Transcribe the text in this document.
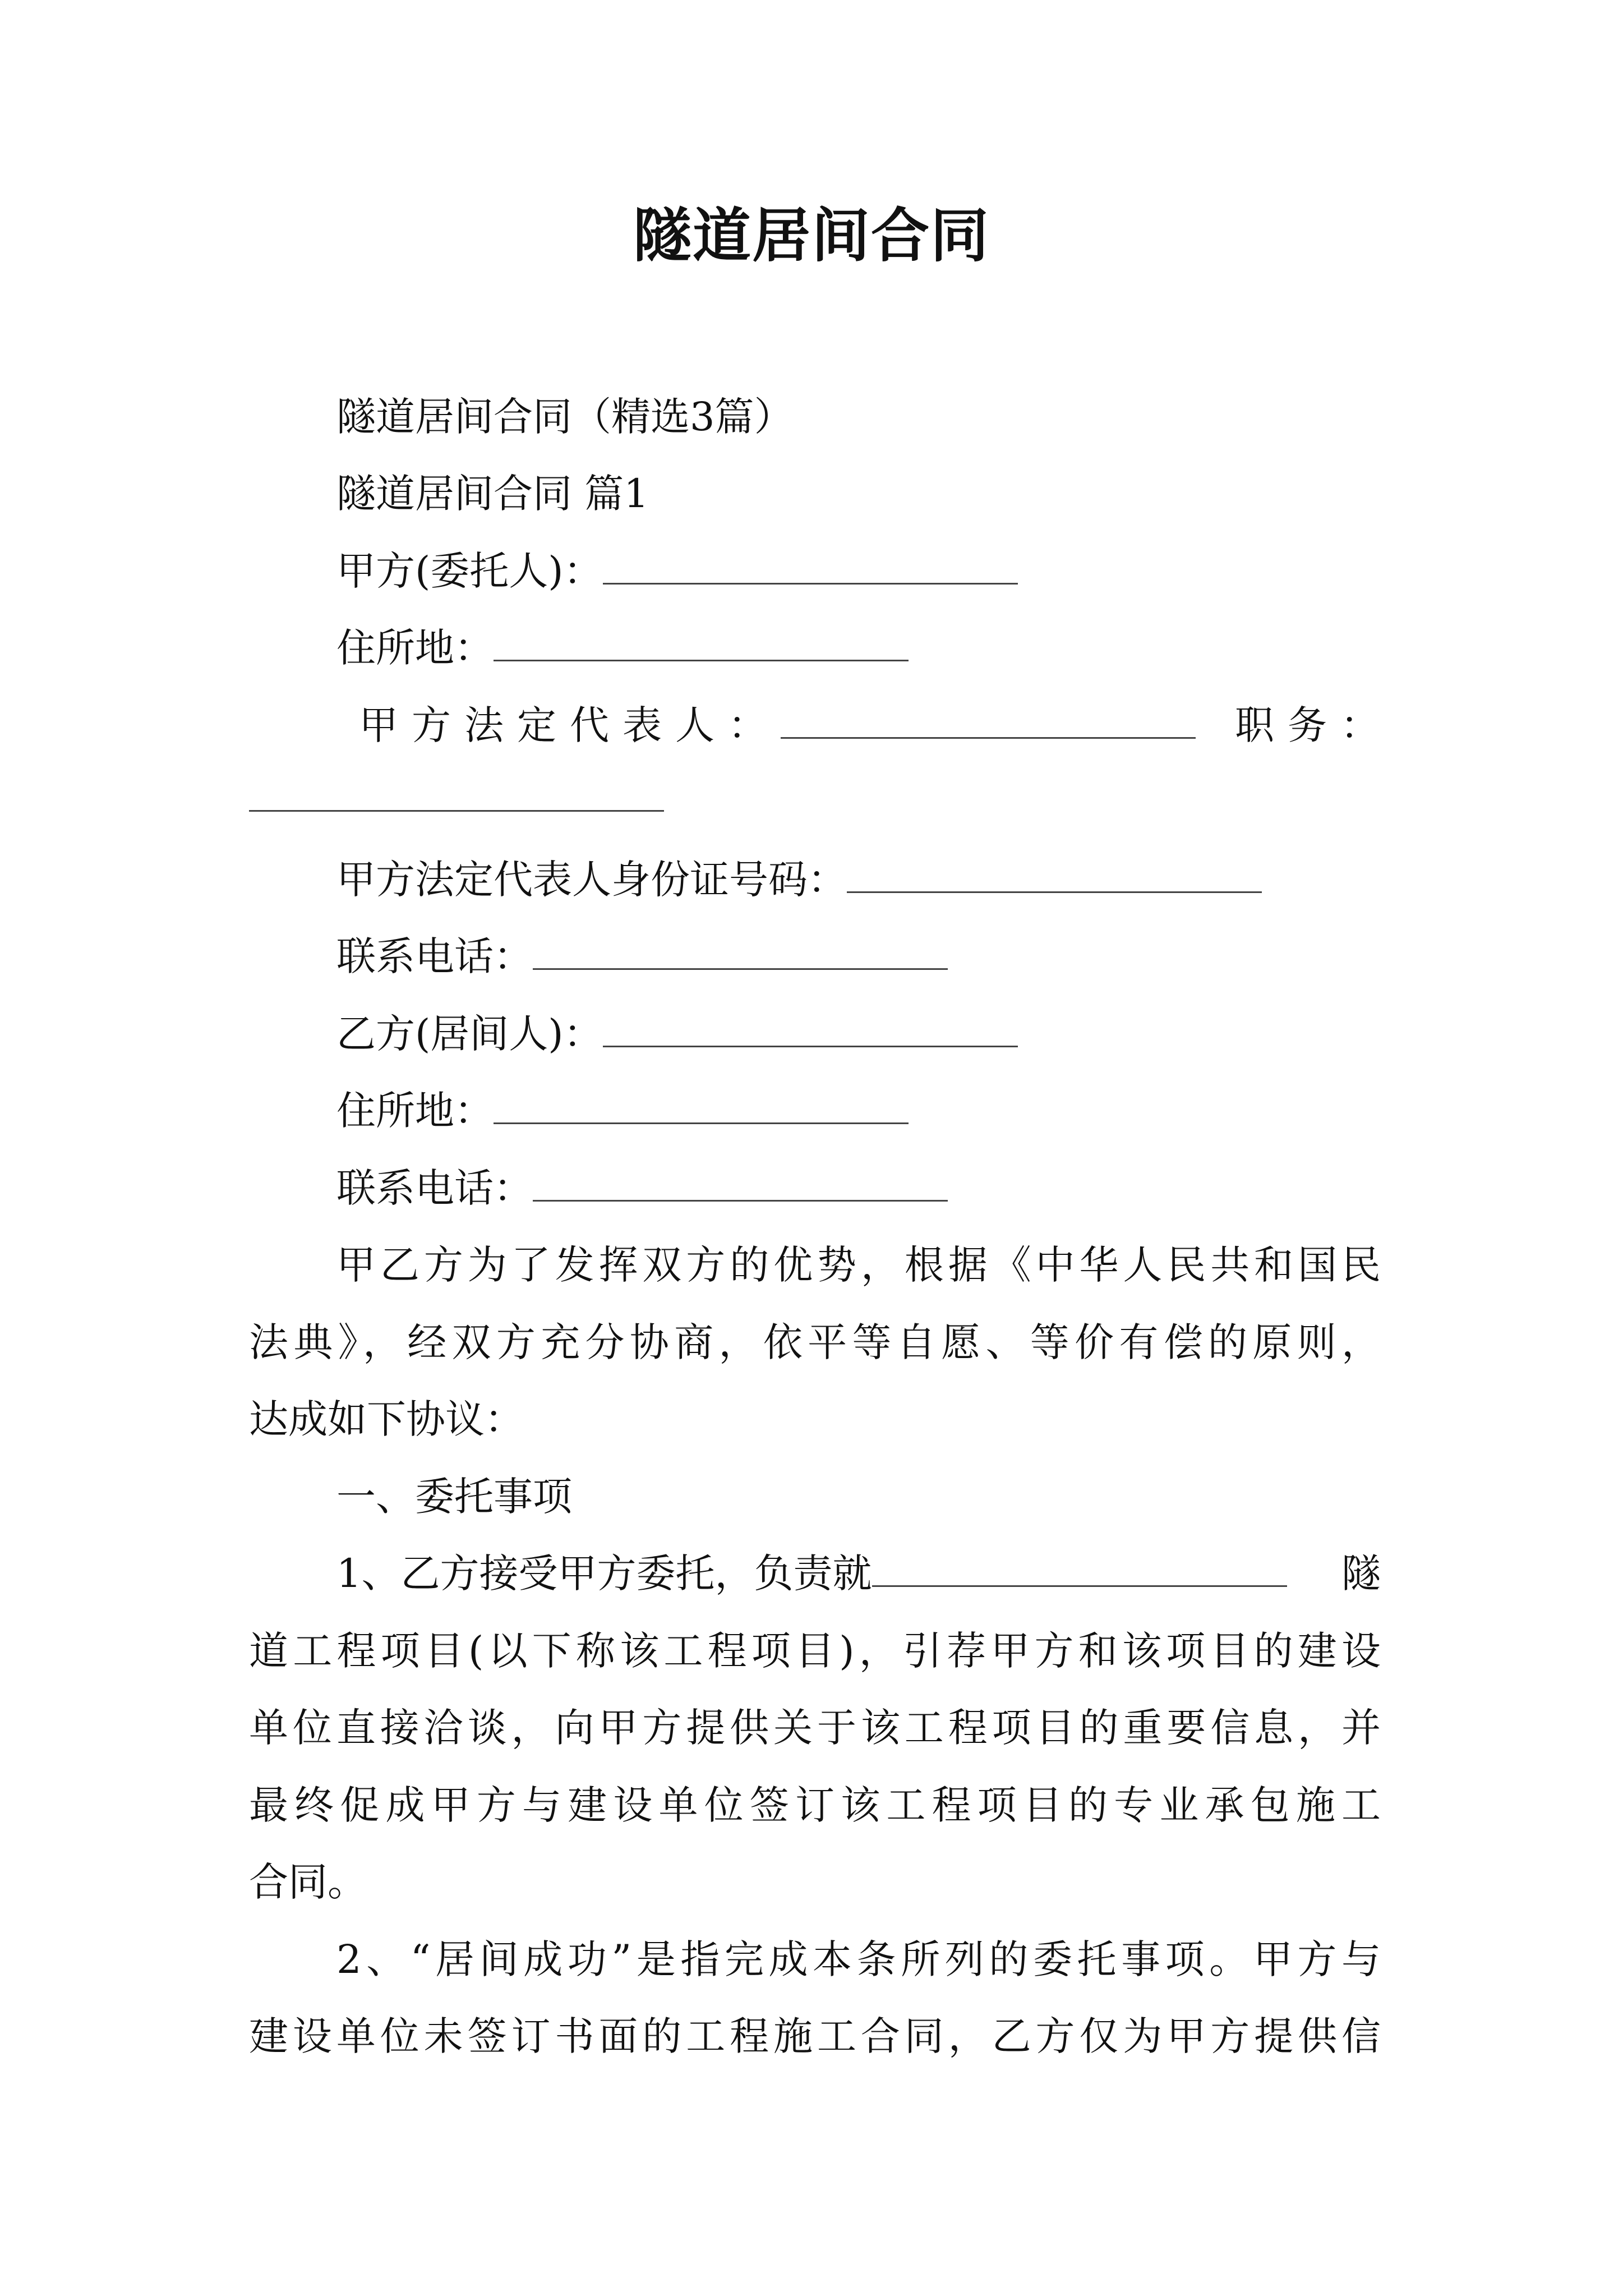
隧道居间合同
隧道居间合同（精选3篇）
隧道居间合同 篇1
甲方(委托人)：
住所地：
甲方法定代表人：	职务：
甲方法定代表人身份证号码：
联系电话：
乙方(居间人)：
住所地：
联系电话：
甲乙方为了发挥双方的优势，根据《中华人民共和国民
法典》，经双方充分协商，依平等自愿、等价有偿的原则，
达成如下协议：
一、委托事项
1、乙方接受甲方委托，负责就	隧
道工程项目(以下称该工程项目)，引荐甲方和该项目的建设
单位直接洽谈，向甲方提供关于该工程项目的重要信息，并
最终促成甲方与建设单位签订该工程项目的专业承包施工
合同。
2、“居间成功”是指完成本条所列的委托事项。甲方与
建设单位未签订书面的工程施工合同，乙方仅为甲方提供信
